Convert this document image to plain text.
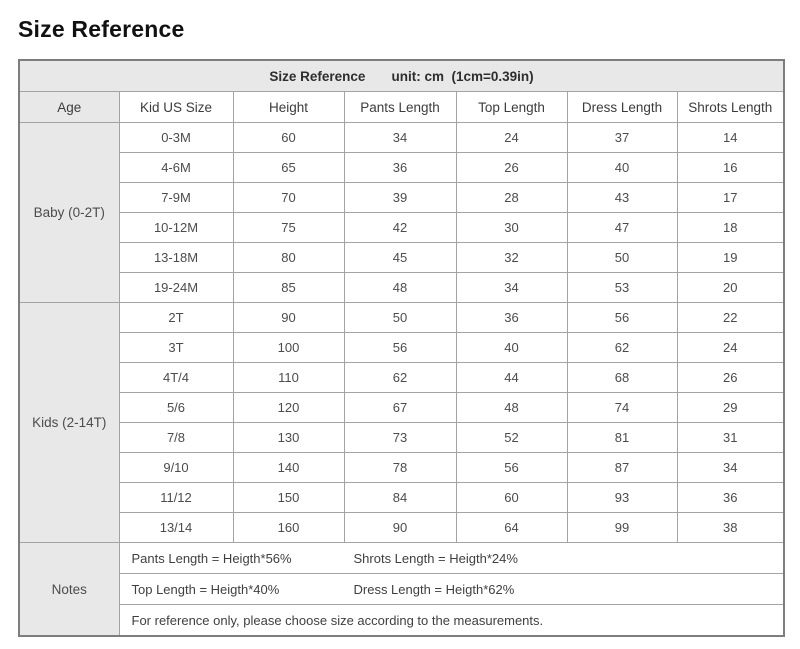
Size Reference
Size Reference unit: cm  (1cm=0.39in)						
Age	Kid US Size	Height	Pants Length	Top Length	Dress Length	Shrots Length
Baby (0-2T)	0-3M	60	34	24	37	14
	4-6M	65	36	26	40	16
	7-9M	70	39	28	43	17
	10-12M	75	42	30	47	18
	13-18M	80	45	32	50	19
	19-24M	85	48	34	53	20
Kids (2-14T)	2T	90	50	36	56	22
	3T	100	56	40	62	24
	4T/4	110	62	44	68	26
	5/6	120	67	48	74	29
	7/8	130	73	52	81	31
	9/10	140	78	56	87	34
	11/12	150	84	60	93	36
	13/14	160	90	64	99	38
Notes	Pants Length = Heigth*56% Shrots Length = Heigth*24%					
	Top Length = Heigth*40% Dress Length = Heigth*62%					
	For reference only, please choose size according to the measurements.					
